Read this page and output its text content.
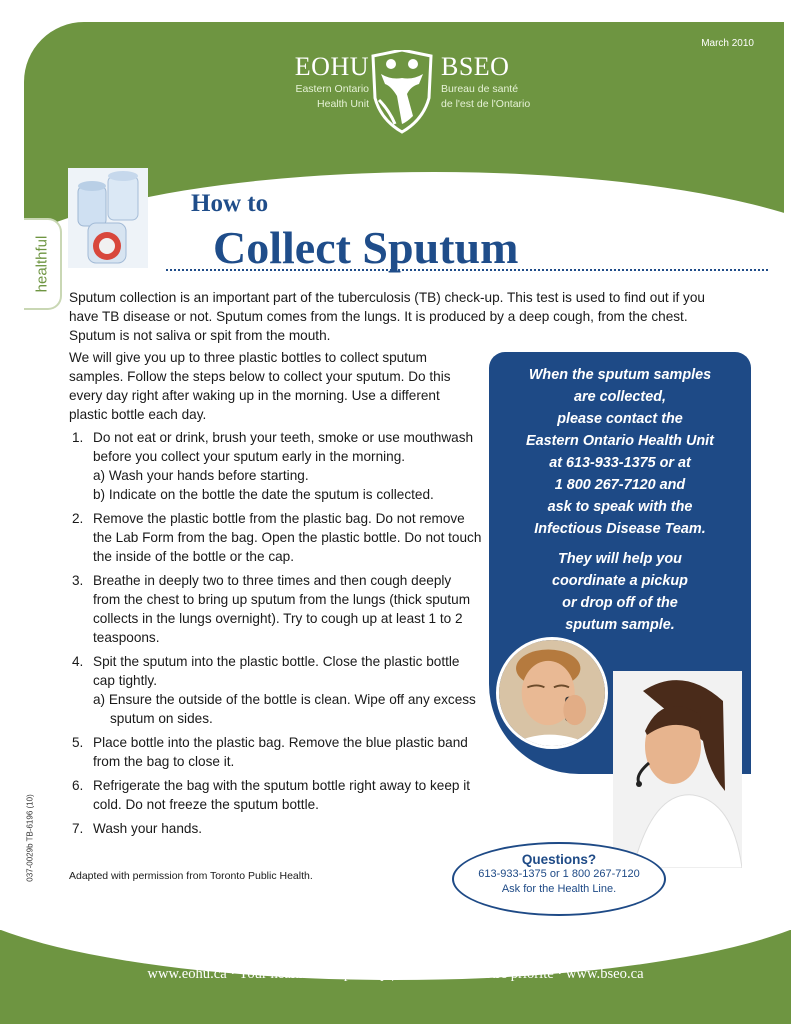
March 2010
EOHU
Eastern Ontario
Health Unit
BSEO
Bureau de santé
de l'est de l'Ontario
healthful
How to
Collect Sputum

Sputum collection is an important part of the tuberculosis (TB) check-up. This test is used to find out if you have TB disease or not. Sputum comes from the lungs. It is produced by a deep cough, from the chest. Sputum is not saliva or spit from the mouth.

We will give you up to three plastic bottles to collect sputum samples. Follow the steps below to collect your sputum. Do this every day right after waking up in the morning. Use a different plastic bottle each day.

1. Do not eat or drink, brush your teeth, smoke or use mouthwash before you collect your sputum early in the morning.
a) Wash your hands before starting.
b) Indicate on the bottle the date the sputum is collected.
2. Remove the plastic bottle from the plastic bag. Do not remove the Lab Form from the bag. Open the plastic bottle. Do not touch the inside of the bottle or the cap.
3. Breathe in deeply two to three times and then cough deeply from the chest to bring up sputum from the lungs (thick sputum collects in the lungs overnight). Try to cough up at least 1 to 2 teaspoons.
4. Spit the sputum into the plastic bottle. Close the plastic bottle cap tightly.
a) Ensure the outside of the bottle is clean. Wipe off any excess sputum on sides.
5. Place bottle into the plastic bag. Remove the blue plastic band from the bag to close it.
6. Refrigerate the bag with the sputum bottle right away to keep it cold. Do not freeze the sputum bottle.
7. Wash your hands.
Adapted with permission from Toronto Public Health.
037-0029b TB-6196 (10)

When the sputum samples
are collected,
please contact the
Eastern Ontario Health Unit
at 613-933-1375 or at
1 800 267-7120 and
ask to speak with the
Infectious Disease Team.

They will help you
coordinate a pickup
or drop off of the
sputum sample.

Questions?
613-933-1375 or 1 800 267-7120
Ask for the Health Line.
www.eohu.ca · Your health... our priority | Votre santé... notre priorité · www.bseo.ca
